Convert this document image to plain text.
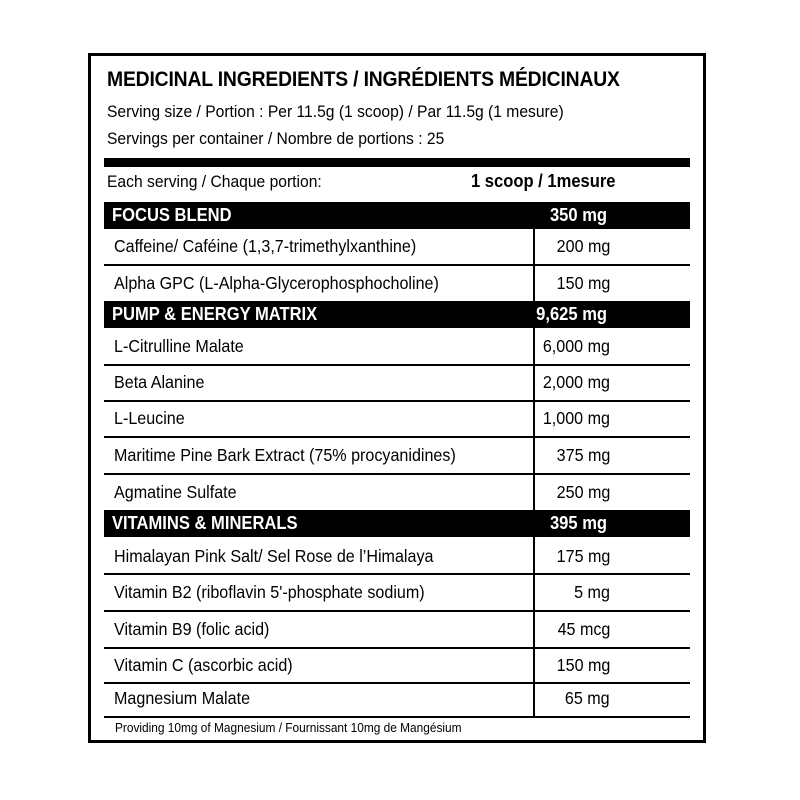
MEDICINAL INGREDIENTS / INGRÉDIENTS MÉDICINAUX
Serving size / Portion : Per 11.5g (1 scoop) / Par 11.5g (1 mesure)
Servings per container / Nombre de portions : 25
Each serving / Chaque portion:	1 scoop / 1mesure
FOCUS BLEND	350 mg
Caffeine/ Caféine (1,3,7-trimethylxanthine)	200 mg
Alpha GPC (L-Alpha-Glycerophosphocholine)	150 mg
PUMP & ENERGY MATRIX	9,625 mg
L-Citrulline Malate	6,000 mg
Beta Alanine	2,000 mg
L-Leucine	1,000 mg
Maritime Pine Bark Extract (75% procyanidines)	375 mg
Agmatine Sulfate	250 mg
VITAMINS & MINERALS	395 mg
Himalayan Pink Salt/ Sel Rose de l’Himalaya	175 mg
Vitamin B2 (riboflavin 5'-phosphate sodium)	5 mg
Vitamin B9 (folic acid)	45 mcg
Vitamin C (ascorbic acid)	150 mg
Magnesium Malate	65 mg
Providing 10mg of Magnesium / Fournissant 10mg de Mangésium
